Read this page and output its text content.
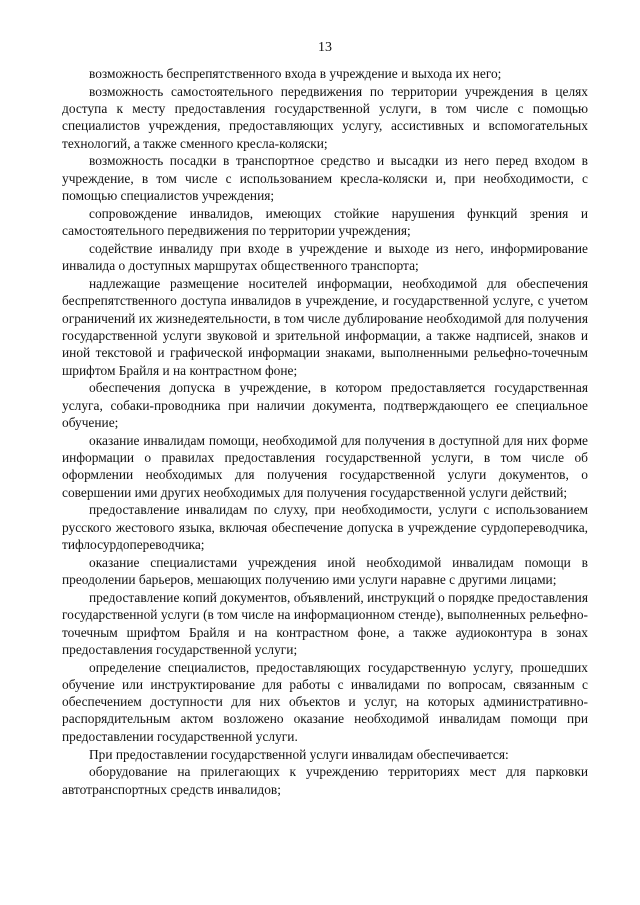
13

возможность беспрепятственного входа в учреждение и выхода их него;

возможность самостоятельного передвижения по территории учреждения в целях доступа к месту предоставления государственной услуги, в том числе с помощью специалистов учреждения, предоставляющих услугу, ассистивных и вспомогательных технологий, а также сменного кресла-коляски;

возможность посадки в транспортное средство и высадки из него перед входом в учреждение, в том числе с использованием кресла-коляски и, при необходимости, с помощью специалистов учреждения;

сопровождение инвалидов, имеющих стойкие нарушения функций зрения и самостоятельного передвижения по территории учреждения;

содействие инвалиду при входе в учреждение и выходе из него, информирование инвалида о доступных маршрутах общественного транспорта;

надлежащие размещение носителей информации, необходимой для обеспечения беспрепятственного доступа инвалидов в учреждение, и государственной услуге, с учетом ограничений их жизнедеятельности, в том числе дублирование необходимой для получения государственной услуги звуковой и зрительной информации, а также надписей, знаков и иной текстовой и графической информации знаками, выполненными рельефно-точечным шрифтом Брайля и на контрастном фоне;

обеспечения допуска в учреждение, в котором предоставляется государственная услуга, собаки-проводника при наличии документа, подтверждающего ее специальное обучение;

оказание инвалидам помощи, необходимой для получения в доступной для них форме информации о правилах предоставления государственной услуги, в том числе об оформлении необходимых для получения государственной услуги документов, о совершении ими других необходимых для получения государственной услуги действий;

предоставление инвалидам по слуху, при необходимости, услуги с использованием русского жестового языка, включая обеспечение допуска в учреждение сурдопереводчика, тифлосурдопереводчика;

оказание специалистами учреждения иной необходимой инвалидам помощи в преодолении барьеров, мешающих получению ими услуги наравне с другими лицами;

предоставление копий документов, объявлений, инструкций о порядке предоставления государственной услуги (в том числе на информационном стенде), выполненных рельефно-точечным шрифтом Брайля и на контрастном фоне, а также аудиоконтура в зонах предоставления государственной услуги;

определение специалистов, предоставляющих государственную услугу, прошедших обучение или инструктирование для работы с инвалидами по вопросам, связанным с обеспечением доступности для них объектов и услуг, на которых административно-распорядительным актом возложено оказание необходимой инвалидам помощи при предоставлении государственной услуги.

При предоставлении государственной услуги инвалидам обеспечивается:

оборудование на прилегающих к учреждению территориях мест для парковки автотранспортных средств инвалидов;
